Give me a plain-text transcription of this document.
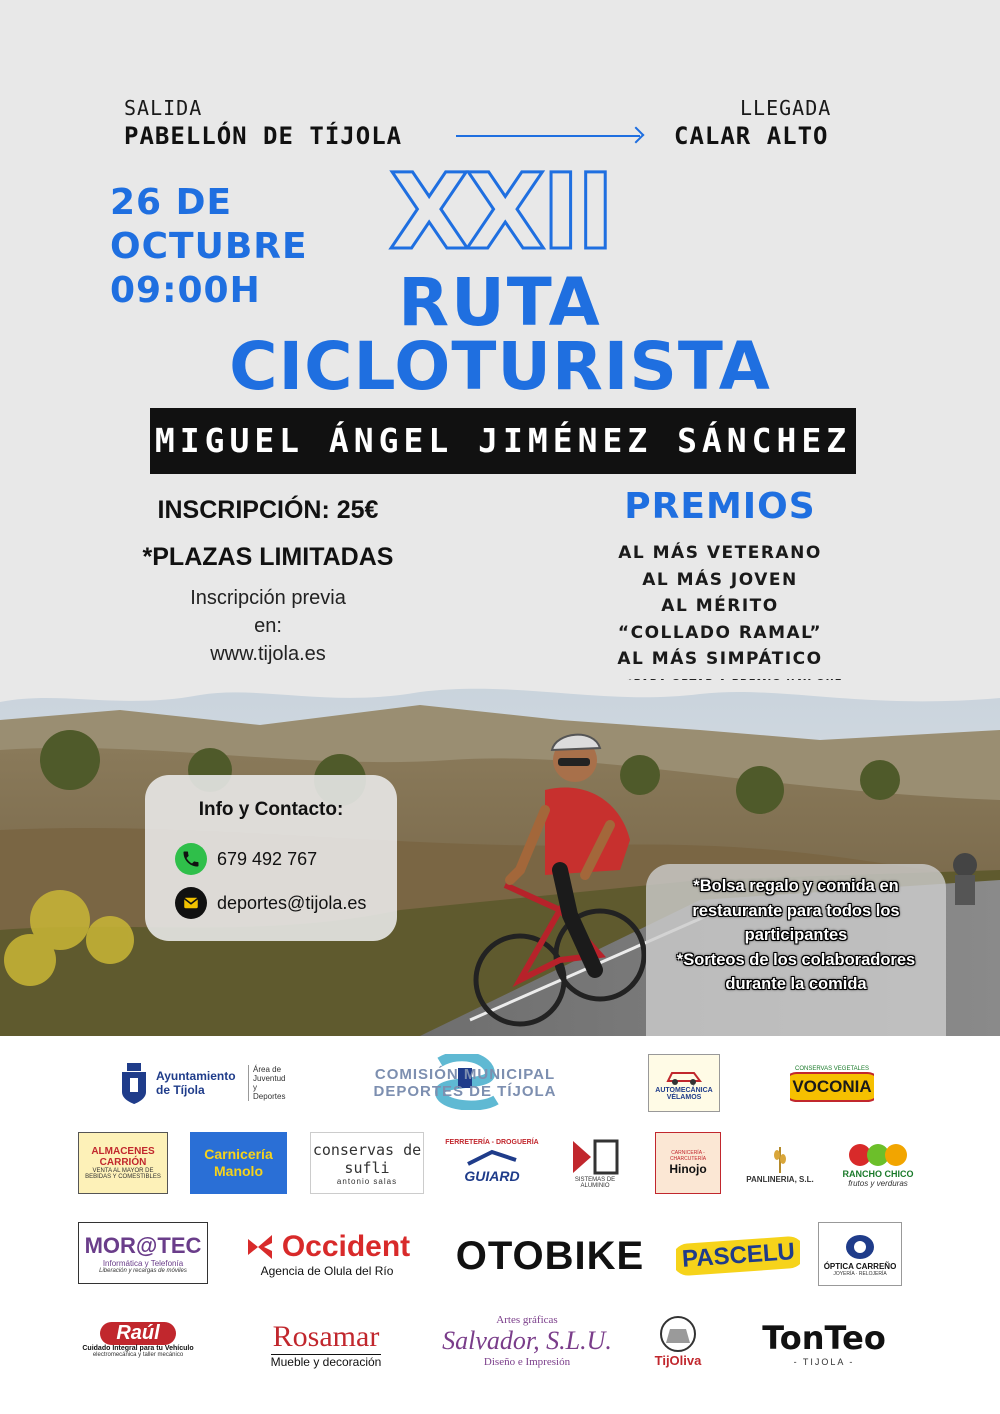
SALIDA
PABELLÓN DE TÍJOLA
LLEGADA
CALAR ALTO
26 DE
OCTUBRE
09:00H
XXII
RUTA
CICLOTURISTA
MIGUEL ÁNGEL JIMÉNEZ SÁNCHEZ
INSCRIPCIÓN: 25€
*PLAZAS LIMITADAS
Inscripción previa
en:
www.tijola.es
PREMIOS
AL MÁS VETERANO
AL MÁS JOVEN
AL MÉRITO
“COLLADO RAMAL”
AL MÁS SIMPÁTICO
Info y Contacto:
679 492 767
deportes@tijola.es
*Bolsa regalo y comida en restaurante para todos los participantes
*Sorteos de los colaboradores durante la comida
Ayuntamiento de Tíjola
Área de Juventud y Deportes
COMISIÓN MUNICIPAL
DEPORTES DE TÍJOLA	AUTOMECÁNICA VÉLAMOS
CONSERVAS VEGETALES
VOCONIA
ALMACENES CARRIÓN
VENTA AL MAYOR DE BEBIDAS Y COMESTIBLES
Carnicería Manolo
conservas de sufli
antonio salas
FERRETERÍA - DROGUERÍA
GUIARD	SISTEMAS DE ALUMINIO
CARNICERÍA - CHARCUTERÍA
Hinojo
PANLINERIA, S.L.
RANCHO CHICO
frutos y verduras
MOR@TEC
Informática y Telefonía
Liberación y recargas de móviles
Occident
Agencia de Olula del Río OTOBIKE	PASCELU	ÓPTICA CARREÑO
JOYERÍA · RELOJERÍA
Raúl
Cuidado Integral para tu Vehículo
electromecánica y taller mecánico
Rosamar
Mueble y decoración
Artes gráficas
Salvador, S.L.U.
Diseño e Impresión	TijOliva
TonTeo
- TIJOLA -
